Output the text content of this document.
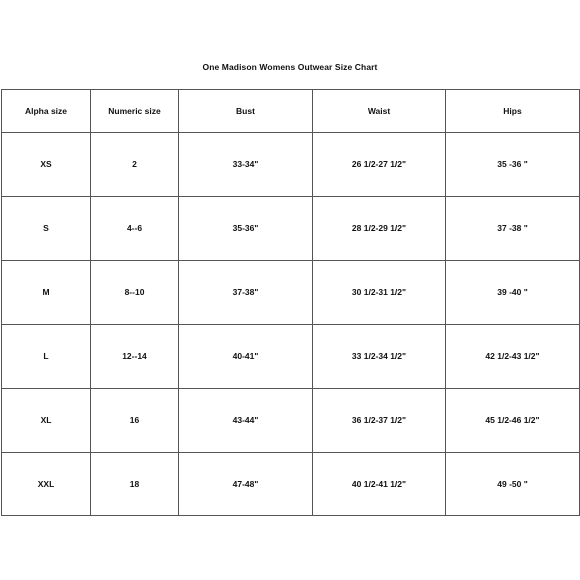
One Madison Womens Outwear Size Chart
Alpha size	Numeric size	Bust	Waist	Hips
XS	2	33-34"	26 1/2-27 1/2"	35 -36 "
S	4--6	35-36"	28 1/2-29 1/2"	37 -38 "
M	8--10	37-38"	30 1/2-31 1/2"	39 -40 "
L	12--14	40-41"	33 1/2-34 1/2"	42 1/2-43 1/2"
XL	16	43-44"	36 1/2-37 1/2"	45 1/2-46 1/2"
XXL	18	47-48"	40 1/2-41 1/2"	49 -50 "
